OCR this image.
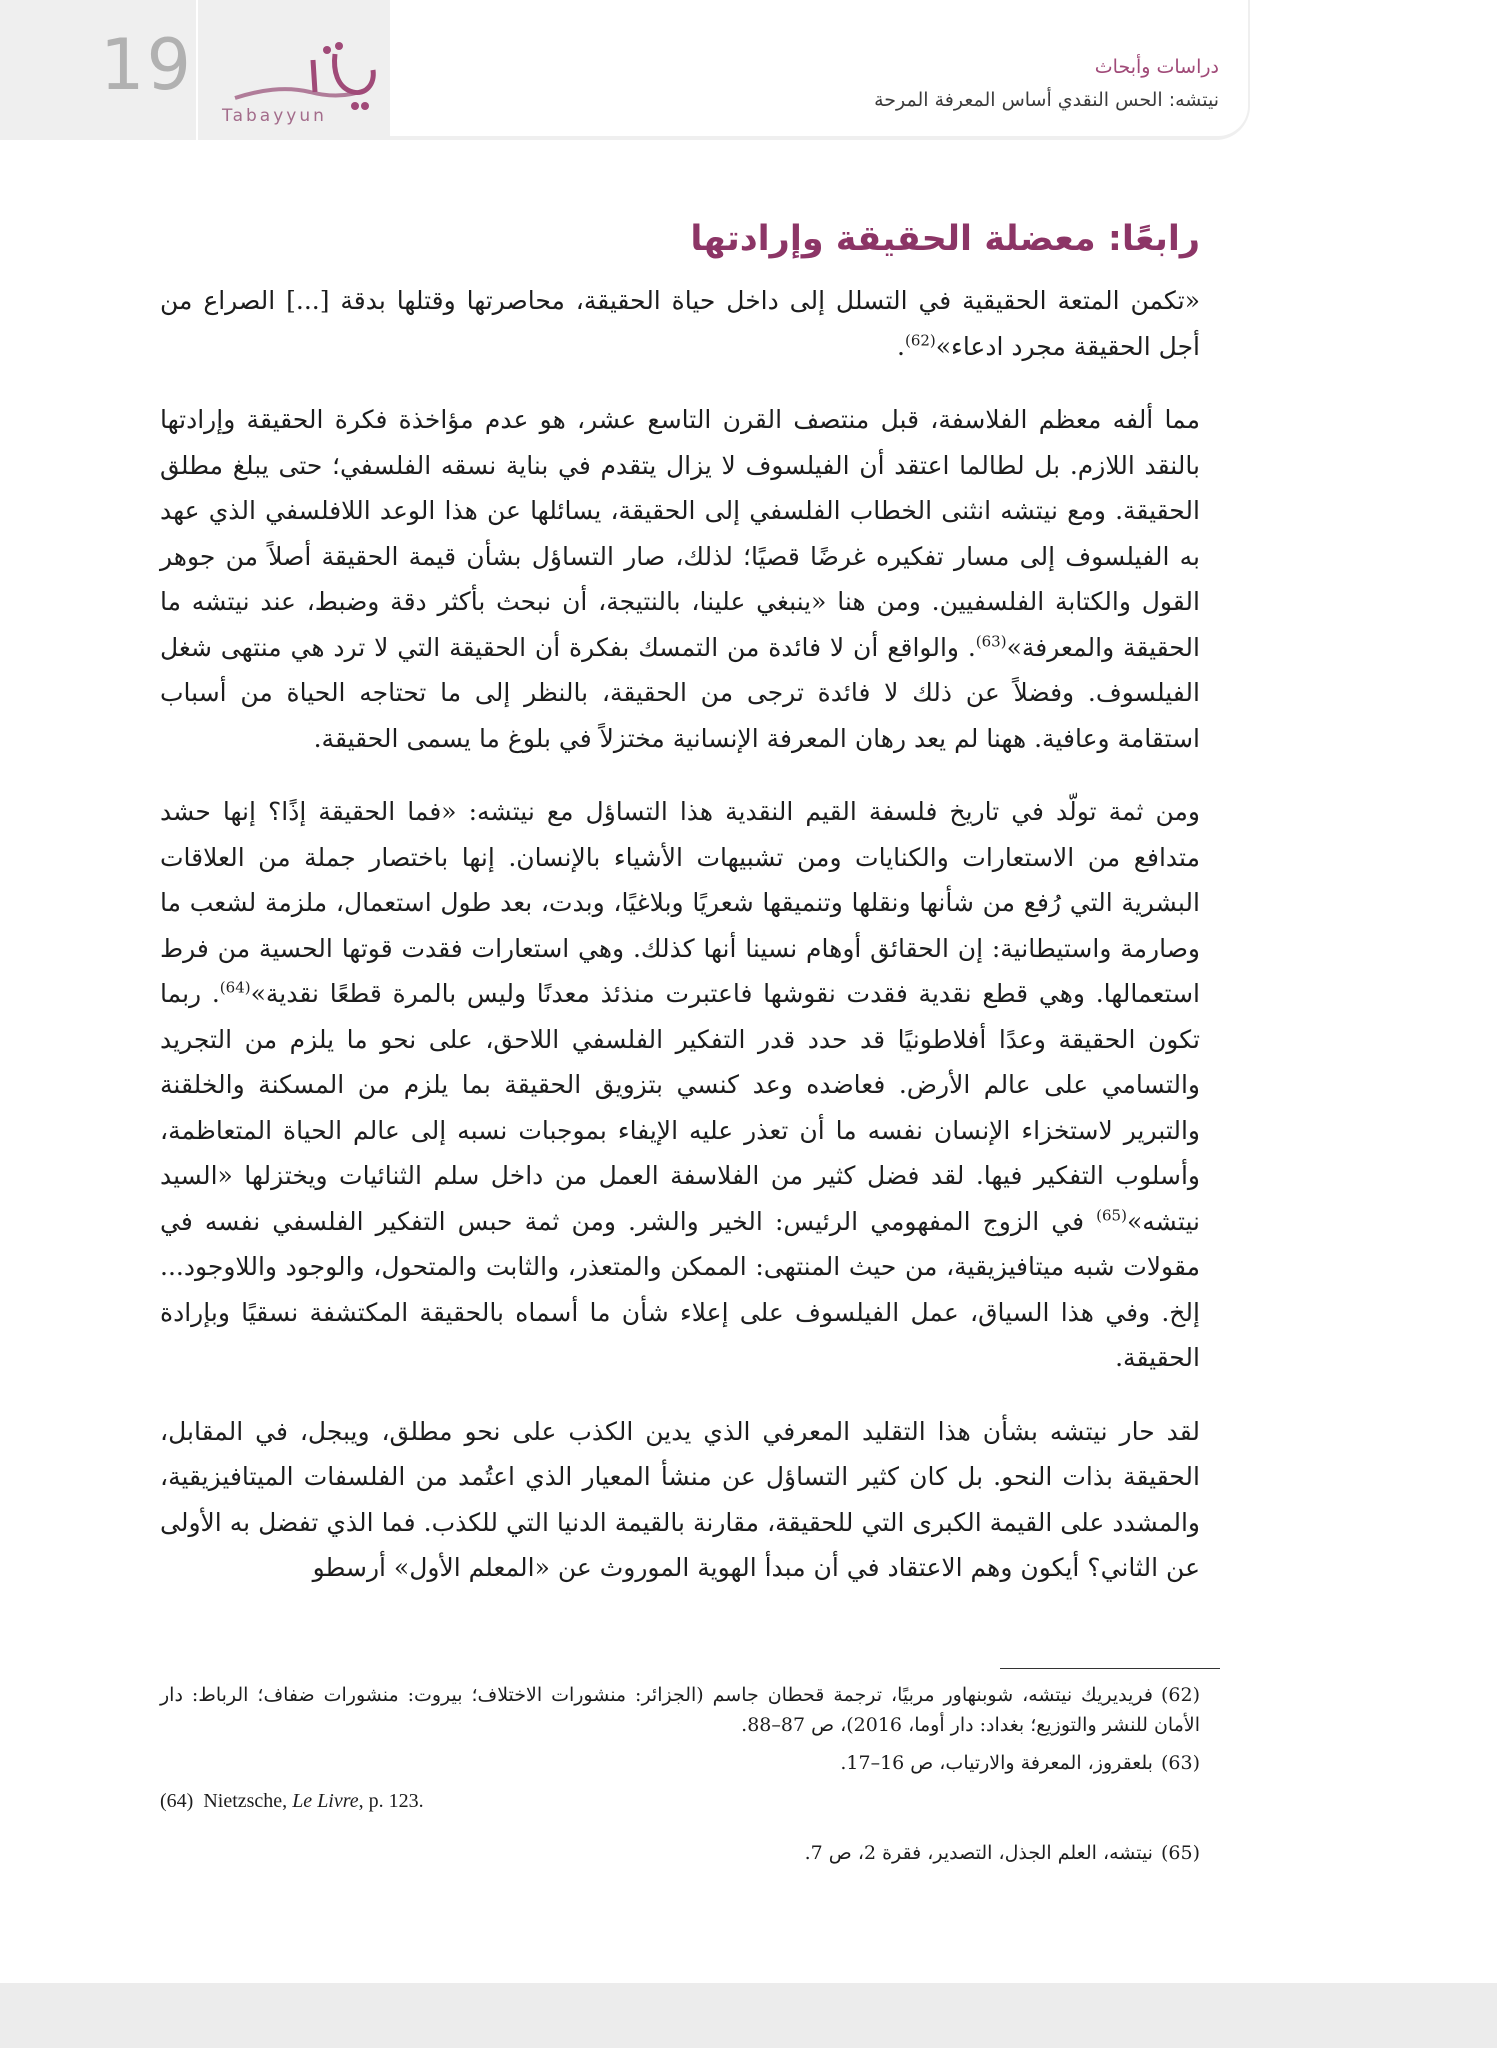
19
Tabayyun
دراسات وأبحاث
نيتشه: الحس النقدي أساس المعرفة المرحة
رابعًا: معضلة الحقيقة وإرادتها

«تكمن المتعة الحقيقية في التسلل إلى داخل حياة الحقيقة، محاصرتها وقتلها بدقة [...] الصراع من أجل الحقيقة مجرد ادعاء»$^{(62)}$.

مما ألفه معظم الفلاسفة، قبل منتصف القرن التاسع عشر، هو عدم مؤاخذة فكرة الحقيقة وإرادتها بالنقد اللازم. بل لطالما اعتقد أن الفيلسوف لا يزال يتقدم في بناية نسقه الفلسفي؛ حتى يبلغ مطلق الحقيقة. ومع نيتشه انثنى الخطاب الفلسفي إلى الحقيقة، يسائلها عن هذا الوعد اللافلسفي الذي عهد به الفيلسوف إلى مسار تفكيره غرضًا قصيًا؛ لذلك، صار التساؤل بشأن قيمة الحقيقة أصلاً من جوهر القول والكتابة الفلسفيين. ومن هنا «ينبغي علينا، بالنتيجة، أن نبحث بأكثر دقة وضبط، عند نيتشه ما الحقيقة والمعرفة»$^{(63)}$. والواقع أن لا فائدة من التمسك بفكرة أن الحقيقة التي لا ترد هي منتهى شغل الفيلسوف. وفضلاً عن ذلك لا فائدة ترجى من الحقيقة، بالنظر إلى ما تحتاجه الحياة من أسباب استقامة وعافية. ههنا لم يعد رهان المعرفة الإنسانية مختزلاً في بلوغ ما يسمى الحقيقة.

ومن ثمة تولّد في تاريخ فلسفة القيم النقدية هذا التساؤل مع نيتشه: «فما الحقيقة إذًا؟ إنها حشد متدافع من الاستعارات والكنايات ومن تشبيهات الأشياء بالإنسان. إنها باختصار جملة من العلاقات البشرية التي رُفع من شأنها ونقلها وتنميقها شعريًا وبلاغيًا، وبدت، بعد طول استعمال، ملزمة لشعب ما وصارمة واستيطانية: إن الحقائق أوهام نسينا أنها كذلك. وهي استعارات فقدت قوتها الحسية من فرط استعمالها. وهي قطع نقدية فقدت نقوشها فاعتبرت منذئذ معدنًا وليس بالمرة قطعًا نقدية»$^{(64)}$. ربما تكون الحقيقة وعدًا أفلاطونيًا قد حدد قدر التفكير الفلسفي اللاحق، على نحو ما يلزم من التجريد والتسامي على عالم الأرض. فعاضده وعد كنسي بتزويق الحقيقة بما يلزم من المسكنة والخلقنة والتبرير لاستخزاء الإنسان نفسه ما أن تعذر عليه الإيفاء بموجبات نسبه إلى عالم الحياة المتعاظمة، وأسلوب التفكير فيها. لقد فضل كثير من الفلاسفة العمل من داخل سلم الثنائيات ويختزلها «السيد نيتشه»$^{(65)}$ في الزوج المفهومي الرئيس: الخير والشر. ومن ثمة حبس التفكير الفلسفي نفسه في مقولات شبه ميتافيزيقية، من حيث المنتهى: الممكن والمتعذر، والثابت والمتحول، والوجود واللاوجود... إلخ. وفي هذا السياق، عمل الفيلسوف على إعلاء شأن ما أسماه بالحقيقة المكتشفة نسقيًا وبإرادة الحقيقة.

لقد حار نيتشه بشأن هذا التقليد المعرفي الذي يدين الكذب على نحو مطلق، ويبجل، في المقابل، الحقيقة بذات النحو. بل كان كثير التساؤل عن منشأ المعيار الذي اعتُمد من الفلسفات الميتافيزيقية، والمشدد على القيمة الكبرى التي للحقيقة، مقارنة بالقيمة الدنيا التي للكذب. فما الذي تفضل به الأولى عن الثاني؟ أيكون وهم الاعتقاد في أن مبدأ الهوية الموروث عن «المعلم الأول» أرسطو

(62)فريديريك نيتشه، شوبنهاور مربيًا، ترجمة قحطان جاسم (الجزائر: منشورات الاختلاف؛ بيروت: منشورات ضفاف؛ الرباط: دار الأمان للنشر والتوزيع؛ بغداد: دار أوما، 2016)، ص 87–88.

(63)بلعقروز، المعرفة والارتياب، ص 16–17.

(64) Nietzsche, Le Livre, p. 123.

(65)نيتشه، العلم الجذل، التصدير، فقرة 2، ص 7.
